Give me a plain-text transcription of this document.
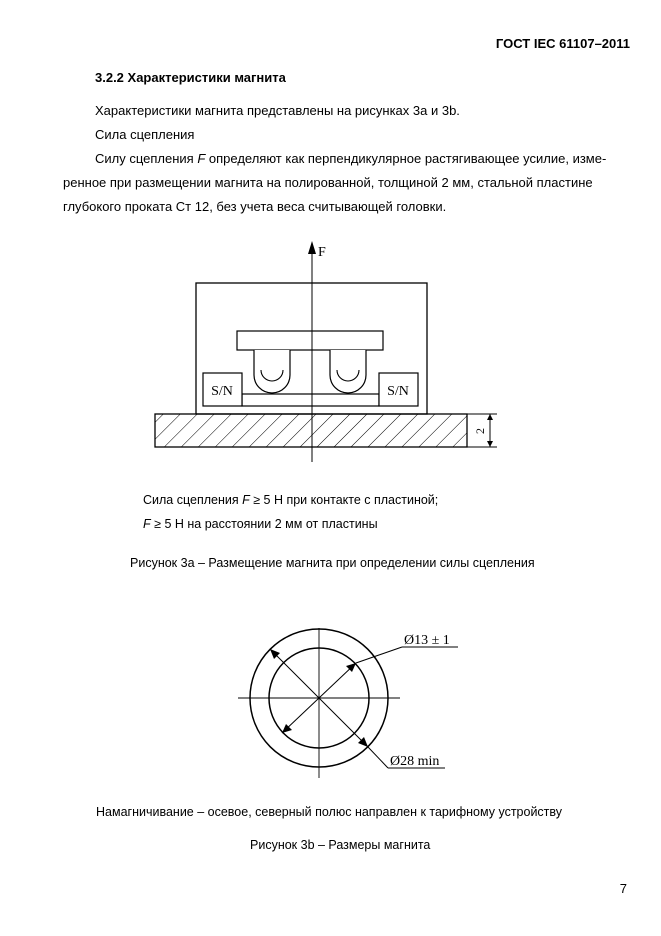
ГОСТ IEC 61107–2011
3.2.2 Характеристики магнита
Характеристики магнита представлены на рисунках 3а и 3b.
Сила сцепления
Силу сцепления F определяют как перпендикулярное растягивающее усилие, изме-
ренное при размещении магнита на полированной, толщиной 2 мм, стальной пластине
глубокого проката Ст 12, без учета веса считывающей головки.
S/N	S/N
F
2
Сила сцепления F ≥ 5 Н при контакте с пластиной;
F ≥ 5 Н на расстоянии 2 мм от пластины
Рисунок 3а – Размещение магнита при определении силы сцепления
Ø13 ± 1
Ø28 min
Намагничивание – осевое, северный полюс направлен к тарифному устройству
Рисунок 3b – Размеры магнита
7
